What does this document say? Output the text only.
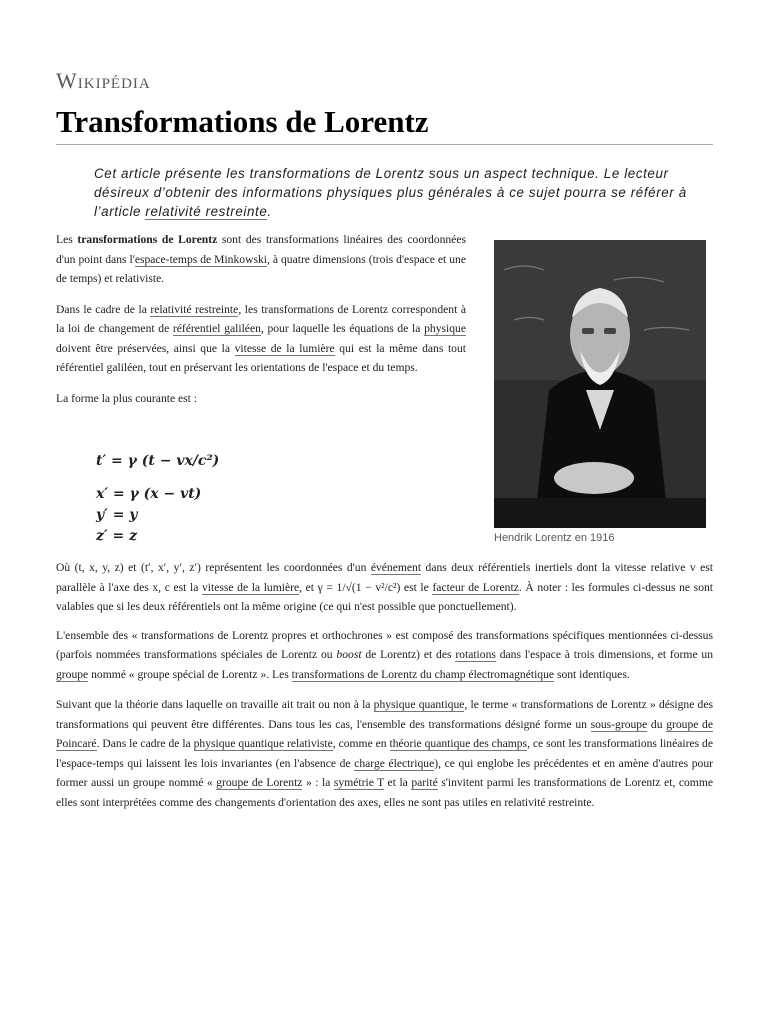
Wikipédia
Transformations de Lorentz
Cet article présente les transformations de Lorentz sous un aspect technique. Le lecteur désireux d’obtenir des informations physiques plus générales à ce sujet pourra se référer à l’article relativité restreinte.

Les transformations de Lorentz sont des transformations linéaires des coordonnées d'un point dans l'espace-temps de Minkowski, à quatre dimensions (trois d'espace et une de temps) et relativiste.

Dans le cadre de la relativité restreinte, les transformations de Lorentz correspondent à la loi de changement de référentiel galiléen, pour laquelle les équations de la physique doivent être préservées, ainsi que la vitesse de la lumière qui est la même dans tout référentiel galiléen, tout en préservant les orientations de l'espace et du temps.

La forme la plus courante est :

t′ = γ (t − vx/c²)
x′ = γ (x − vt)
y′ = y
z′ = z	Hendrik Lorentz en 1916

Où (t, x, y, z) et (t′, x′, y′, z′) représentent les coordonnées d'un événement dans deux référentiels inertiels dont la vitesse relative v est parallèle à l'axe des x, c est la vitesse de la lumière, et γ = 1/√(1 − v²/c²) est le facteur de Lorentz. À noter : les formules ci-dessus ne sont valables que si les deux référentiels ont la même origine (ce qui n'est possible que ponctuellement).

L'ensemble des « transformations de Lorentz propres et orthochrones » est composé des transformations spécifiques mentionnées ci-dessus (parfois nommées transformations spéciales de Lorentz ou boost de Lorentz) et des rotations dans l'espace à trois dimensions, et forme un groupe nommé « groupe spécial de Lorentz ». Les transformations de Lorentz du champ électromagnétique sont identiques.

Suivant que la théorie dans laquelle on travaille ait trait ou non à la physique quantique, le terme « transformations de Lorentz » désigne des transformations qui peuvent être différentes. Dans tous les cas, l'ensemble des transformations désigné forme un sous-groupe du groupe de Poincaré. Dans le cadre de la physique quantique relativiste, comme en théorie quantique des champs, ce sont les transformations linéaires de l'espace-temps qui laissent les lois invariantes (en l'absence de charge électrique), ce qui englobe les précédentes et en amène d'autres pour former aussi un groupe nommé « groupe de Lorentz » : la symétrie T et la parité s'invitent parmi les transformations de Lorentz et, comme elles sont interprétées comme des changements d'orientation des axes, elles ne sont pas utiles en relativité restreinte.
